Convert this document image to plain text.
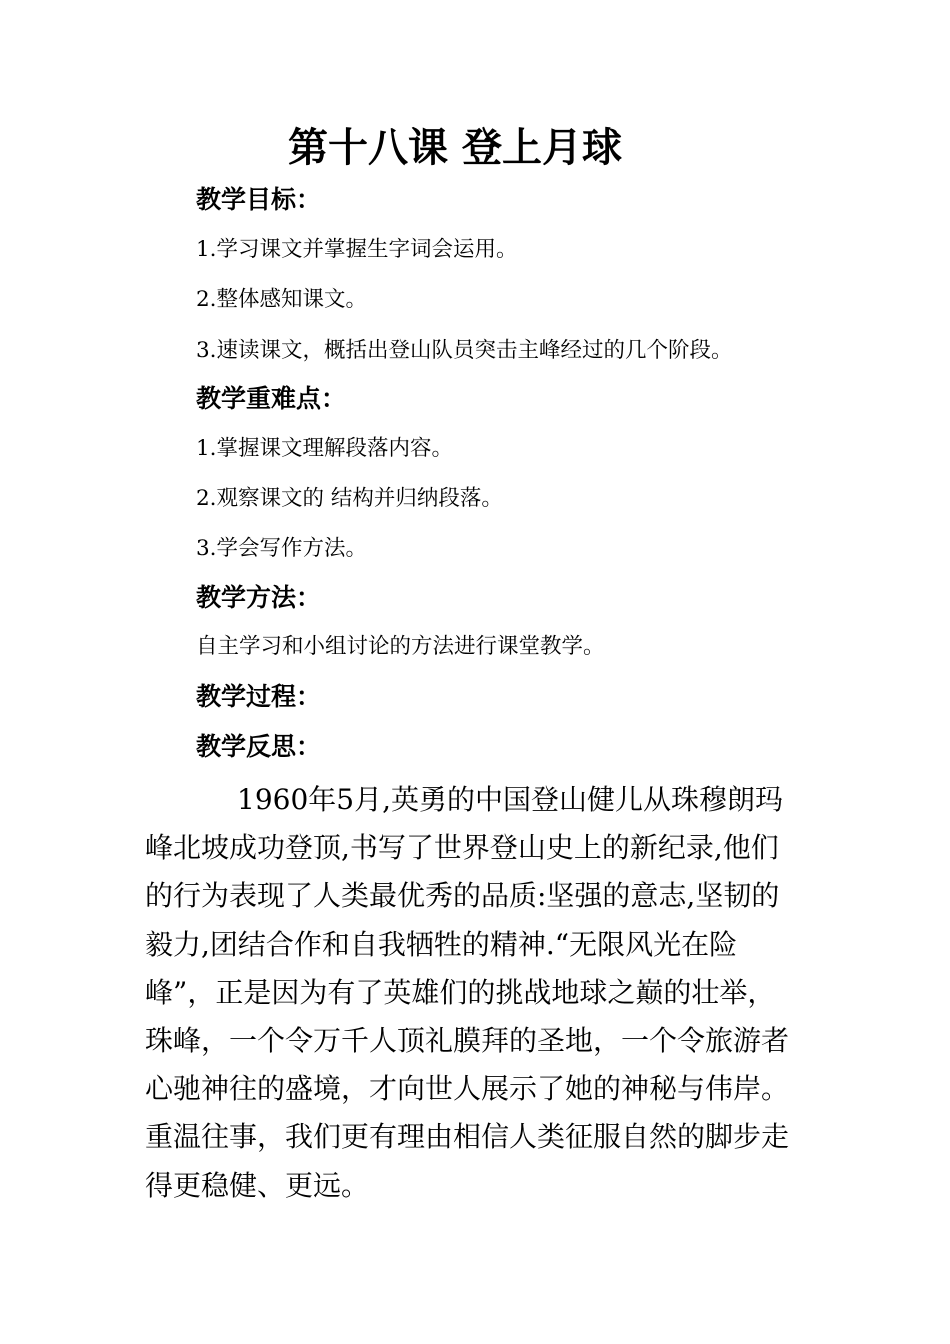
第十八课 登上月球
教学目标：
1.学习课文并掌握生字词会运用。
2.整体感知课文。
3.速读课文，概括出登山队员突击主峰经过的几个阶段。
教学重难点：
1.掌握课文理解段落内容。
2.观察课文的 结构并归纳段落。
3.学会写作方法。
教学方法：
自主学习和小组讨论的方法进行课堂教学。
教学过程：
教学反思：
1960年5月,英勇的中国登山健儿从珠穆朗玛
峰北坡成功登顶,书写了世界登山史上的新纪录,他们
的行为表现了人类最优秀的品质:坚强的意志,坚韧的
毅力,团结合作和自我牺牲的精神.“无限风光在险
峰”，正是因为有了英雄们的挑战地球之巅的壮举，
珠峰，一个令万千人顶礼膜拜的圣地，一个令旅游者
心驰神往的盛境，才向世人展示了她的神秘与伟岸。
重温往事，我们更有理由相信人类征服自然的脚步走
得更稳健、更远。
